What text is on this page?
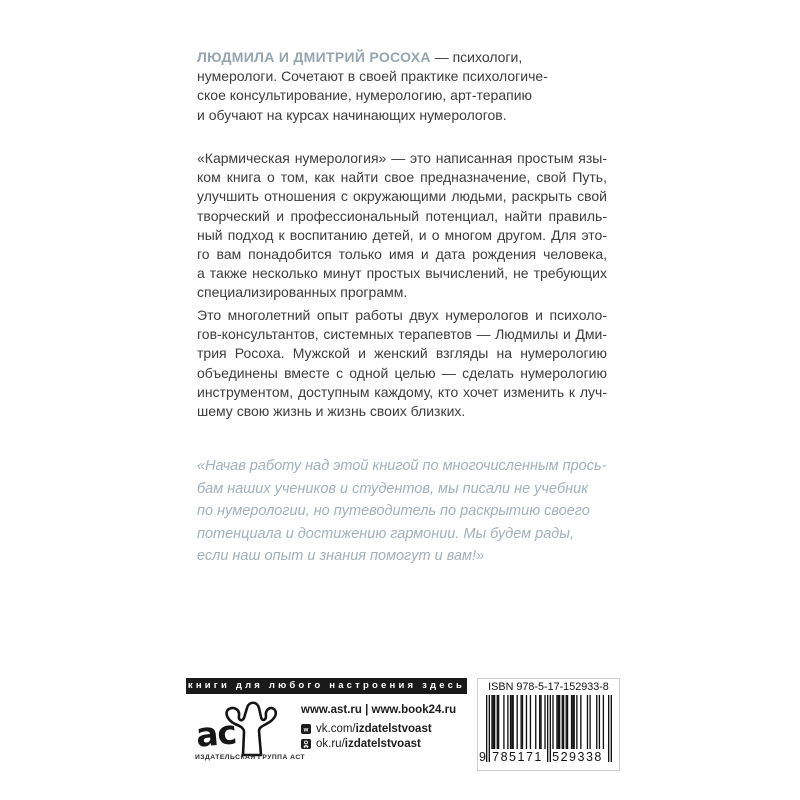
ЛЮДМИЛА И ДМИТРИЙ РОСОХА — психологи,
нумерологи. Сочетают в своей практике психологиче-
ское консультирование, нумерологию, арт-терапию
и обучают на курсах начинающих нумерологов.
«Кармическая нумерология» — это написанная простым язы-
ком книга о том, как найти свое предназначение, свой Путь,
улучшить отношения с окружающими людьми, раскрыть свой
творческий и профессиональный потенциал, найти правиль-
ный подход к воспитанию детей, и о многом другом. Для это-
го вам понадобится только имя и дата рождения человека,
а также несколько минут простых вычислений, не требующих
специализированных программ.
Это многолетний опыт работы двух нумерологов и психоло-
гов-консультантов, системных терапевтов — Людмилы и Дми-
трия Росоха. Мужской и женский взгляды на нумерологию
объединены вместе с одной целью — сделать нумерологию
инструментом, доступным каждому, кто хочет изменить к луч-
шему свою жизнь и жизнь своих близких.
«Начав работу над этой книгой по многочисленным прось-
бам наших учеников и студентов, мы писали не учебник
по нумерологии, но путеводитель по раскрытию своего
потенциала и достижению гармонии. Мы будем рады,
если наш опыт и знания помогут и вам!»
книги для любого настроения здесь
ас
ИЗДАТЕЛЬСКАЯ ГРУППА АСТ
www.ast.ru | www.book24.ru
w vk.com/izdatelstvoast
ok.ru/izdatelstvoast
ISBN 978-5-17-152933-8
9 785171 529338
